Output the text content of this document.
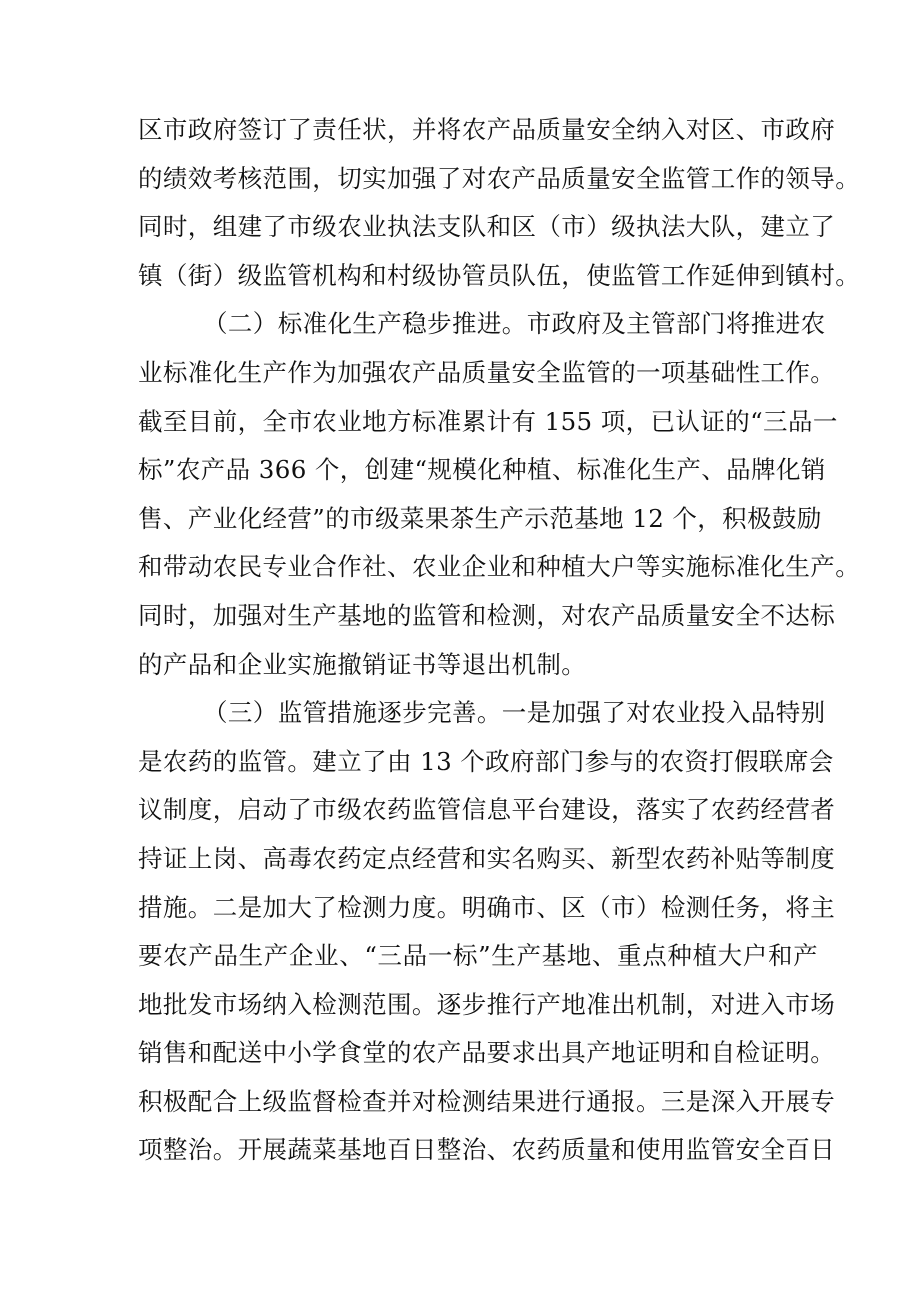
区市政府签订了责任状，并将农产品质量安全纳入对区、市政府
的绩效考核范围，切实加强了对农产品质量安全监管工作的领导。
同时，组建了市级农业执法支队和区（市）级执法大队，建立了
镇（街）级监管机构和村级协管员队伍，使监管工作延伸到镇村。
（二）标准化生产稳步推进。市政府及主管部门将推进农
业标准化生产作为加强农产品质量安全监管的一项基础性工作。
截至目前，全市农业地方标准累计有 155 项，已认证的“三品一
标”农产品 366 个，创建“规模化种植、标准化生产、品牌化销
售、产业化经营”的市级菜果茶生产示范基地 12 个，积极鼓励
和带动农民专业合作社、农业企业和种植大户等实施标准化生产。
同时，加强对生产基地的监管和检测，对农产品质量安全不达标
的产品和企业实施撤销证书等退出机制。
（三）监管措施逐步完善。一是加强了对农业投入品特别
是农药的监管。建立了由 13 个政府部门参与的农资打假联席会
议制度，启动了市级农药监管信息平台建设，落实了农药经营者
持证上岗、高毒农药定点经营和实名购买、新型农药补贴等制度
措施。二是加大了检测力度。明确市、区（市）检测任务，将主
要农产品生产企业、“三品一标”生产基地、重点种植大户和产
地批发市场纳入检测范围。逐步推行产地准出机制，对进入市场
销售和配送中小学食堂的农产品要求出具产地证明和自检证明。
积极配合上级监督检查并对检测结果进行通报。三是深入开展专
项整治。开展蔬菜基地百日整治、农药质量和使用监管安全百日
